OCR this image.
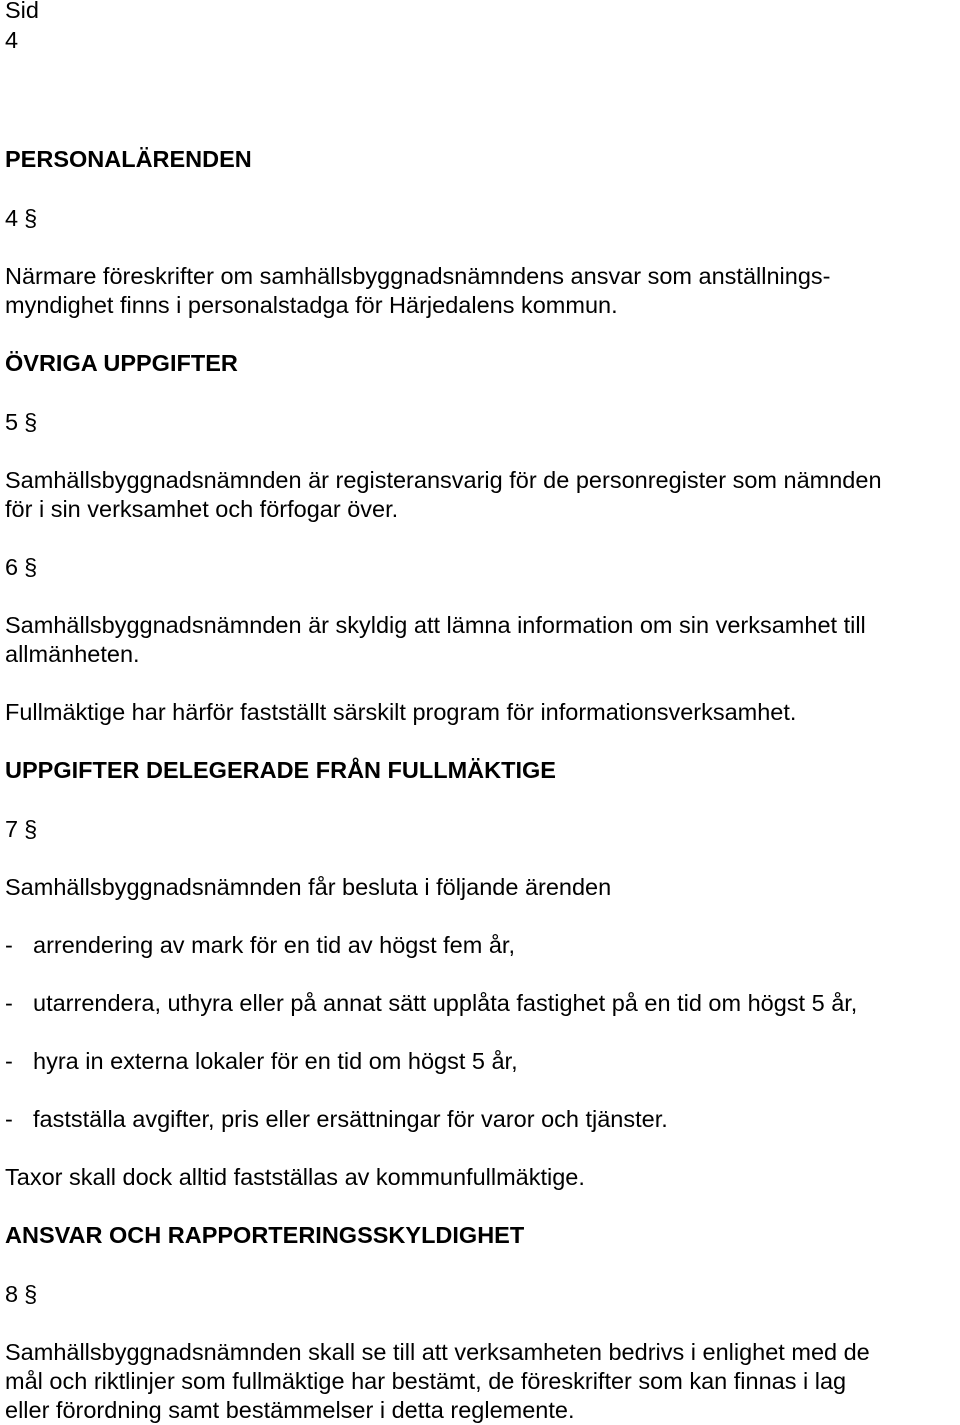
Sid
4
PERSONALÄRENDEN
4 §
Närmare föreskrifter om samhällsbyggnadsnämndens ansvar som anställnings-
myndighet finns i personalstadga för Härjedalens kommun.
ÖVRIGA UPPGIFTER
5 §
Samhällsbyggnadsnämnden är registeransvarig för de personregister som nämnden
för i sin verksamhet och förfogar över.
6 §
Samhällsbyggnadsnämnden är skyldig att lämna information om sin verksamhet till
allmänheten.
Fullmäktige har härför fastställt särskilt program för informationsverksamhet.
UPPGIFTER DELEGERADE FRÅN FULLMÄKTIGE
7 §
Samhällsbyggnadsnämnden får besluta i följande ärenden
- arrendering av mark för en tid av högst fem år,
- utarrendera, uthyra eller på annat sätt upplåta fastighet på en tid om högst 5 år,
- hyra in externa lokaler för en tid om högst 5 år,
- fastställa avgifter, pris eller ersättningar för varor och tjänster.
Taxor skall dock alltid fastställas av kommunfullmäktige.
ANSVAR OCH RAPPORTERINGSSKYLDIGHET
8 §
Samhällsbyggnadsnämnden skall se till att verksamheten bedrivs i enlighet med de
mål och riktlinjer som fullmäktige har bestämt, de föreskrifter som kan finnas i lag
eller förordning samt bestämmelser i detta reglemente.
